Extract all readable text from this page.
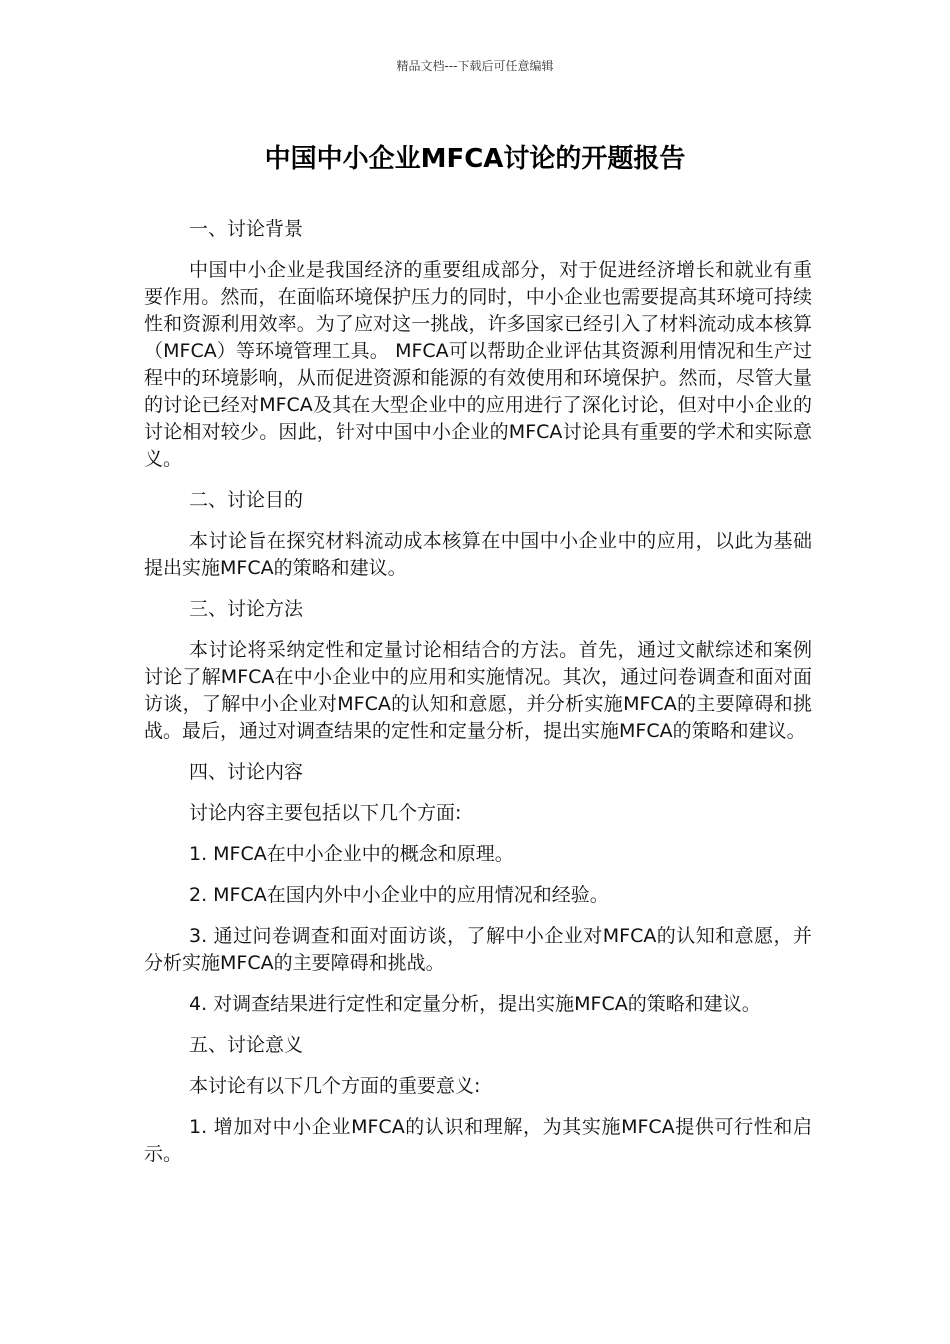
精品文档---下载后可任意编辑
中国中小企业MFCA讨论的开题报告

一、讨论背景

中国中小企业是我国经济的重要组成部分，对于促进经济增长和就业有重要作用。然而，在面临环境保护压力的同时，中小企业也需要提高其环境可持续性和资源利用效率。为了应对这一挑战，许多国家已经引入了材料流动成本核算（MFCA）等环境管理工具。 MFCA可以帮助企业评估其资源利用情况和生产过程中的环境影响，从而促进资源和能源的有效使用和环境保护。然而，尽管大量的讨论已经对MFCA及其在大型企业中的应用进行了深化讨论，但对中小企业的讨论相对较少。因此，针对中国中小企业的MFCA讨论具有重要的学术和实际意义。

二、讨论目的

本讨论旨在探究材料流动成本核算在中国中小企业中的应用，以此为基础提出实施MFCA的策略和建议。

三、讨论方法

本讨论将采纳定性和定量讨论相结合的方法。首先，通过文献综述和案例讨论了解MFCA在中小企业中的应用和实施情况。其次，通过问卷调查和面对面访谈，了解中小企业对MFCA的认知和意愿，并分析实施MFCA的主要障碍和挑战。最后，通过对调查结果的定性和定量分析，提出实施MFCA的策略和建议。

四、讨论内容

讨论内容主要包括以下几个方面:

1. MFCA在中小企业中的概念和原理。

2. MFCA在国内外中小企业中的应用情况和经验。

3. 通过问卷调查和面对面访谈，了解中小企业对MFCA的认知和意愿，并分析实施MFCA的主要障碍和挑战。

4. 对调查结果进行定性和定量分析，提出实施MFCA的策略和建议。

五、讨论意义

本讨论有以下几个方面的重要意义:

1. 增加对中小企业MFCA的认识和理解，为其实施MFCA提供可行性和启示。
